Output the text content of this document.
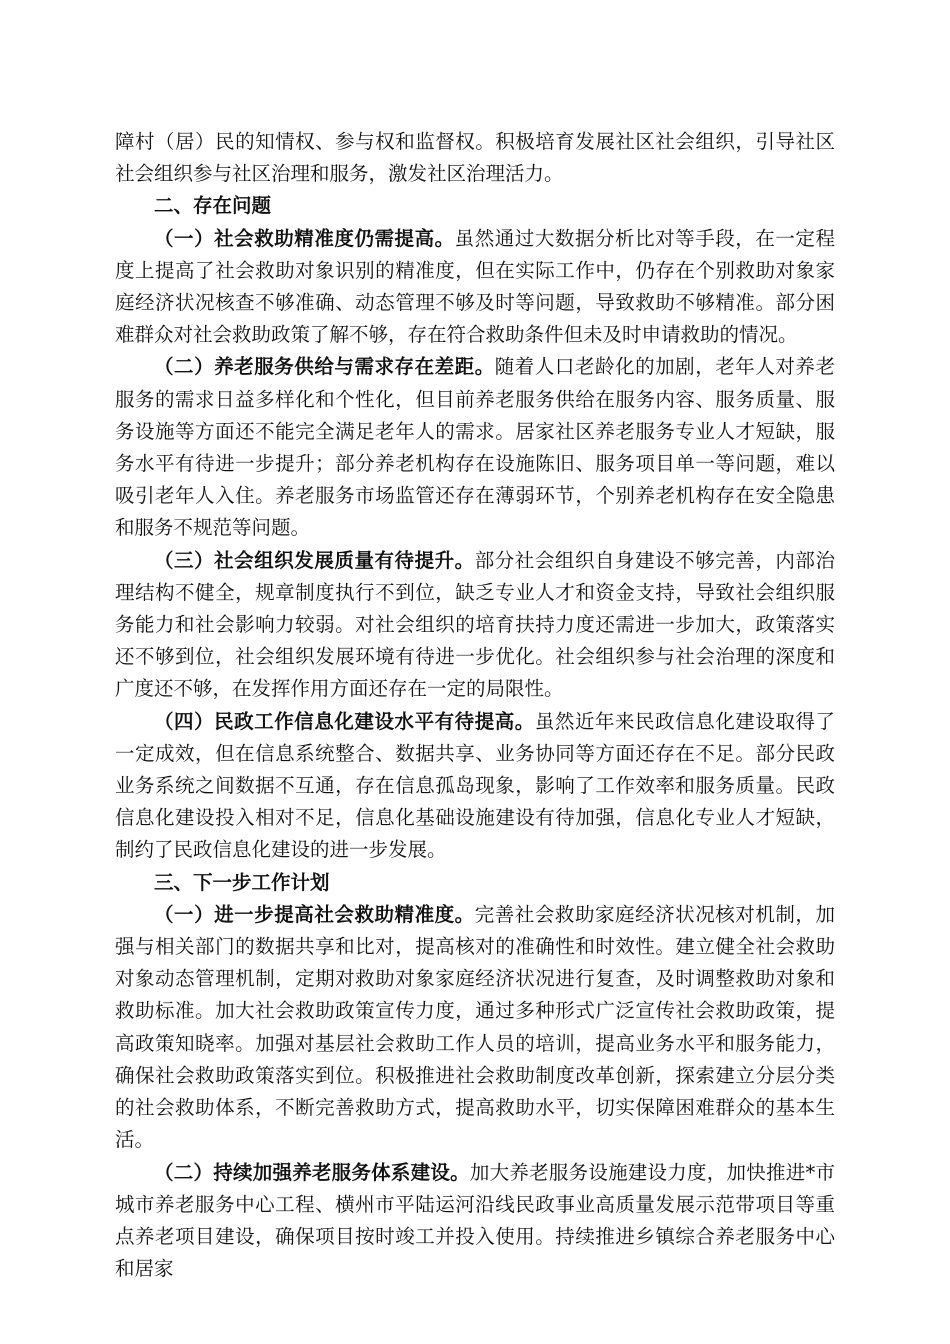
障村（居）民的知情权、参与权和监督权。积极培育发展社区社会组织，引导社区社会组织参与社区治理和服务，激发社区治理活力。

二、存在问题

（一）社会救助精准度仍需提高。虽然通过大数据分析比对等手段，在一定程度上提高了社会救助对象识别的精准度，但在实际工作中，仍存在个别救助对象家庭经济状况核查不够准确、动态管理不够及时等问题，导致救助不够精准。部分困难群众对社会救助政策了解不够，存在符合救助条件但未及时申请救助的情况。

（二）养老服务供给与需求存在差距。随着人口老龄化的加剧，老年人对养老服务的需求日益多样化和个性化，但目前养老服务供给在服务内容、服务质量、服务设施等方面还不能完全满足老年人的需求。居家社区养老服务专业人才短缺，服务水平有待进一步提升；部分养老机构存在设施陈旧、服务项目单一等问题，难以吸引老年人入住。养老服务市场监管还存在薄弱环节，个别养老机构存在安全隐患和服务不规范等问题。

（三）社会组织发展质量有待提升。部分社会组织自身建设不够完善，内部治理结构不健全，规章制度执行不到位，缺乏专业人才和资金支持，导致社会组织服务能力和社会影响力较弱。对社会组织的培育扶持力度还需进一步加大，政策落实还不够到位，社会组织发展环境有待进一步优化。社会组织参与社会治理的深度和广度还不够，在发挥作用方面还存在一定的局限性。

（四）民政工作信息化建设水平有待提高。虽然近年来民政信息化建设取得了一定成效，但在信息系统整合、数据共享、业务协同等方面还存在不足。部分民政业务系统之间数据不互通，存在信息孤岛现象，影响了工作效率和服务质量。民政信息化建设投入相对不足，信息化基础设施建设有待加强，信息化专业人才短缺，制约了民政信息化建设的进一步发展。

三、下一步工作计划

（一）进一步提高社会救助精准度。完善社会救助家庭经济状况核对机制，加强与相关部门的数据共享和比对，提高核对的准确性和时效性。建立健全社会救助对象动态管理机制，定期对救助对象家庭经济状况进行复查，及时调整救助对象和救助标准。加大社会救助政策宣传力度，通过多种形式广泛宣传社会救助政策，提高政策知晓率。加强对基层社会救助工作人员的培训，提高业务水平和服务能力，确保社会救助政策落实到位。积极推进社会救助制度改革创新，探索建立分层分类的社会救助体系，不断完善救助方式，提高救助水平，切实保障困难群众的基本生活。

（二）持续加强养老服务体系建设。加大养老服务设施建设力度，加快推进*市城市养老服务中心工程、横州市平陆运河沿线民政事业高质量发展示范带项目等重点养老项目建设，确保项目按时竣工并投入使用。持续推进乡镇综合养老服务中心和居家
